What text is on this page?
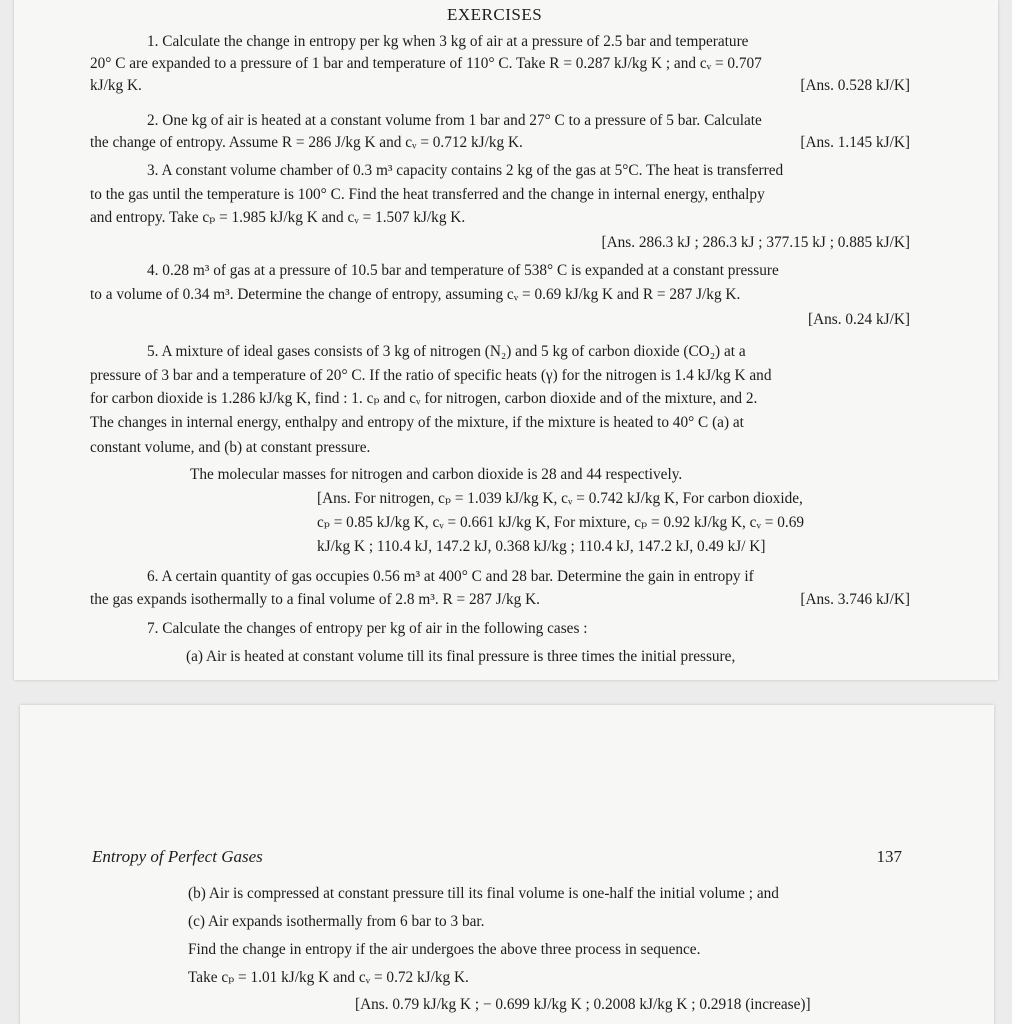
EXERCISES
1. Calculate the change in entropy per kg when 3 kg of air at a pressure of 2.5 bar and temperature
20° C are expanded to a pressure of 1 bar and temperature of 110° C. Take R = 0.287 kJ/kg K ; and cᵥ = 0.707
kJ/kg K.	[Ans. 0.528 kJ/K]
2. One kg of air is heated at a constant volume from 1 bar and 27° C to a pressure of 5 bar. Calculate
the change of entropy. Assume R = 286 J/kg K and cᵥ = 0.712 kJ/kg K.	[Ans. 1.145 kJ/K]
3. A constant volume chamber of 0.3 m³ capacity contains 2 kg of the gas at 5°C. The heat is transferred
to the gas until the temperature is 100° C. Find the heat transferred and the change in internal energy, enthalpy
and entropy. Take cₚ = 1.985 kJ/kg K and cᵥ = 1.507 kJ/kg K.
[Ans. 286.3 kJ ; 286.3 kJ ; 377.15 kJ ; 0.885 kJ/K]
4. 0.28 m³ of gas at a pressure of 10.5 bar and temperature of 538° C is expanded at a constant pressure
to a volume of 0.34 m³. Determine the change of entropy, assuming cᵥ = 0.69 kJ/kg K and R = 287 J/kg K.
[Ans. 0.24 kJ/K]
5. A mixture of ideal gases consists of 3 kg of nitrogen (N₂) and 5 kg of carbon dioxide (CO₂) at a
pressure of 3 bar and a temperature of 20° C. If the ratio of specific heats (γ) for the nitrogen is 1.4 kJ/kg K and
for carbon dioxide is 1.286 kJ/kg K, find : 1. cₚ and cᵥ for nitrogen, carbon dioxide and of the mixture, and 2.
The changes in internal energy, enthalpy and entropy of the mixture, if the mixture is heated to 40° C (a) at
constant volume, and (b) at constant pressure.
The molecular masses for nitrogen and carbon dioxide is 28 and 44 respectively.
[Ans. For nitrogen, cₚ = 1.039 kJ/kg K, cᵥ = 0.742 kJ/kg K, For carbon dioxide,
cₚ = 0.85 kJ/kg K, cᵥ = 0.661 kJ/kg K, For mixture, cₚ = 0.92 kJ/kg K, cᵥ = 0.69
kJ/kg K ; 110.4 kJ, 147.2 kJ, 0.368 kJ/kg ; 110.4 kJ, 147.2 kJ, 0.49 kJ/ K]
6. A certain quantity of gas occupies 0.56 m³ at 400° C and 28 bar. Determine the gain in entropy if
the gas expands isothermally to a final volume of 2.8 m³. R = 287 J/kg K.	[Ans. 3.746 kJ/K]
7. Calculate the changes of entropy per kg of air in the following cases :
(a) Air is heated at constant volume till its final pressure is three times the initial pressure,
Entropy of Perfect Gases	137
(b) Air is compressed at constant pressure till its final volume is one-half the initial volume ; and
(c) Air expands isothermally from 6 bar to 3 bar.
Find the change in entropy if the air undergoes the above three process in sequence.
Take cₚ = 1.01 kJ/kg K and cᵥ = 0.72 kJ/kg K.
[Ans. 0.79 kJ/kg K ; − 0.699 kJ/kg K ; 0.2008 kJ/kg K ; 0.2918 (increase)]
